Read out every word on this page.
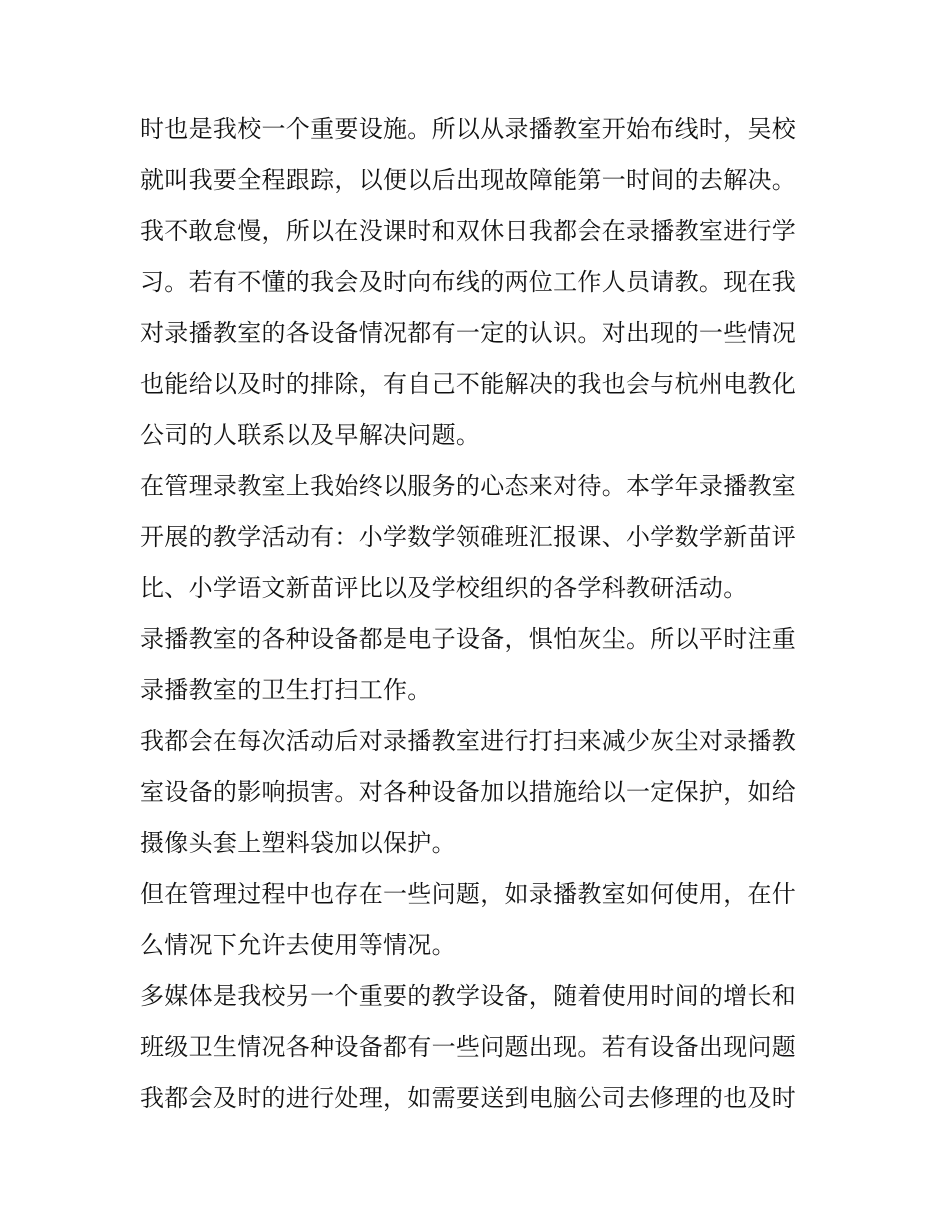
时也是我校一个重要设施。所以从录播教室开始布线时，吴校
就叫我要全程跟踪，以便以后出现故障能第一时间的去解决。
我不敢怠慢，所以在没课时和双休日我都会在录播教室进行学
习。若有不懂的我会及时向布线的两位工作人员请教。现在我
对录播教室的各设备情况都有一定的认识。对出现的一些情况
也能给以及时的排除，有自己不能解决的我也会与杭州电教化
公司的人联系以及早解决问题。
在管理录教室上我始终以服务的心态来对待。本学年录播教室
开展的教学活动有：小学数学领碓班汇报课、小学数学新苗评
比、小学语文新苗评比以及学校组织的各学科教研活动。
录播教室的各种设备都是电子设备，惧怕灰尘。所以平时注重
录播教室的卫生打扫工作。
我都会在每次活动后对录播教室进行打扫来减少灰尘对录播教
室设备的影响损害。对各种设备加以措施给以一定保护，如给
摄像头套上塑料袋加以保护。
但在管理过程中也存在一些问题，如录播教室如何使用，在什
么情况下允许去使用等情况。
多媒体是我校另一个重要的教学设备，随着使用时间的增长和
班级卫生情况各种设备都有一些问题出现。若有设备出现问题
我都会及时的进行处理，如需要送到电脑公司去修理的也及时
